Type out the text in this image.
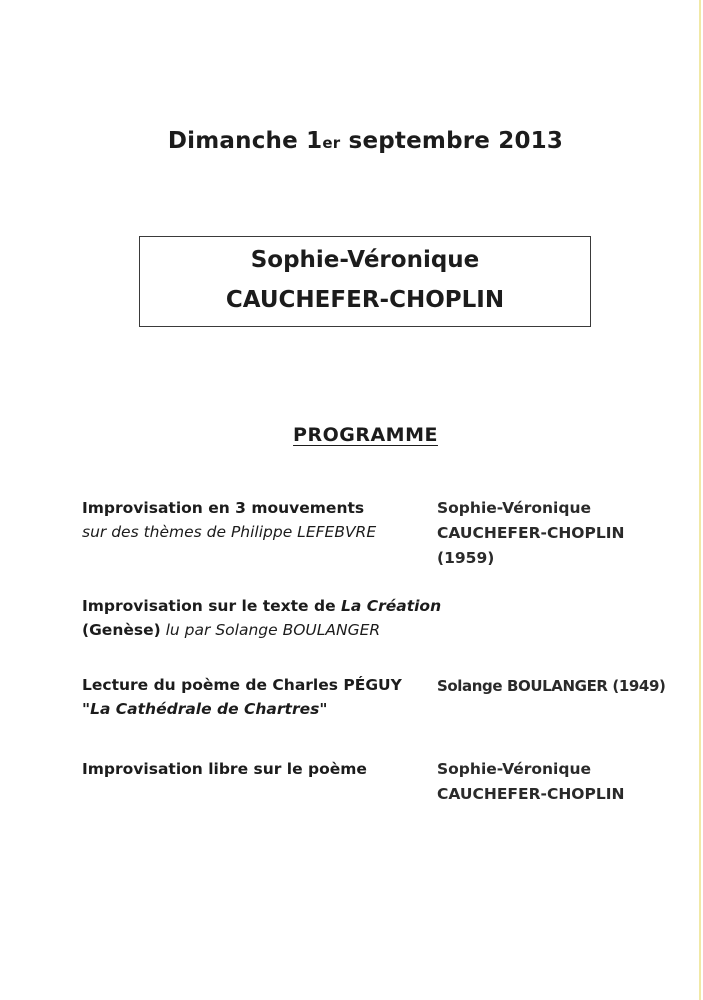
Dimanche 1er septembre 2013
Sophie-Véronique
CAUCHEFER-CHOPLIN
PROGRAMME
Improvisation en 3 mouvements
sur des thèmes de Philippe LEFEBVRE
Sophie-Véronique
CAUCHEFER-CHOPLIN
(1959)
Improvisation sur le texte de La Création
(Genèse) lu par Solange BOULANGER
Lecture du poème de Charles PÉGUY
"La Cathédrale de Chartres"
Solange BOULANGER (1949)
Improvisation libre sur le poème	Sophie-Véronique
CAUCHEFER-CHOPLIN
